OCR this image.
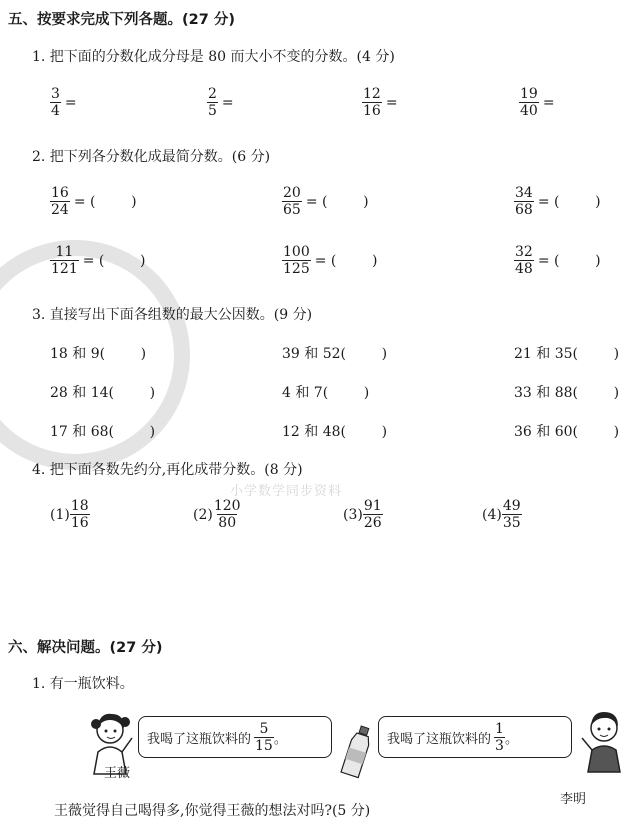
小学数学同步资料
五、按要求完成下列各题。(27 分)
1. 把下面的分数化成分母是 80 而大小不变的分数。(4 分)
$\frac{3}{4}$ =	$\frac{2}{5}$ =	$\frac{12}{16}$ =	$\frac{19}{40}$ =
2. 把下列各分数化成最简分数。(6 分)
$\frac{16}{24}$ = (        )	$\frac{20}{65}$ = (        )	$\frac{34}{68}$ = (        )
$\frac{11}{121}$ = (        )	$\frac{100}{125}$ = (        )	$\frac{32}{48}$ = (        )
3. 直接写出下面各组数的最大公因数。(9 分)
18 和 9(        )	39 和 52(        )	21 和 35(        )
28 和 14(        )	4 和 7(        )	33 和 88(        )
17 和 68(        )	12 和 48(        )	36 和 60(        )
4. 把下面各数先约分,再化成带分数。(8 分)
$(1) \frac{18}{16}$	$(2) \frac{120}{80}$	$(3) \frac{91}{26}$	$(4) \frac{49}{35}$
六、解决问题。(27 分)
1. 有一瓶饮料。
王薇
我喝了这瓶饮料的 $\frac{5}{15}$ 。	我喝了这瓶饮料的 $\frac{1}{3}$ 。
李明
王薇觉得自己喝得多,你觉得王薇的想法对吗?(5 分)
